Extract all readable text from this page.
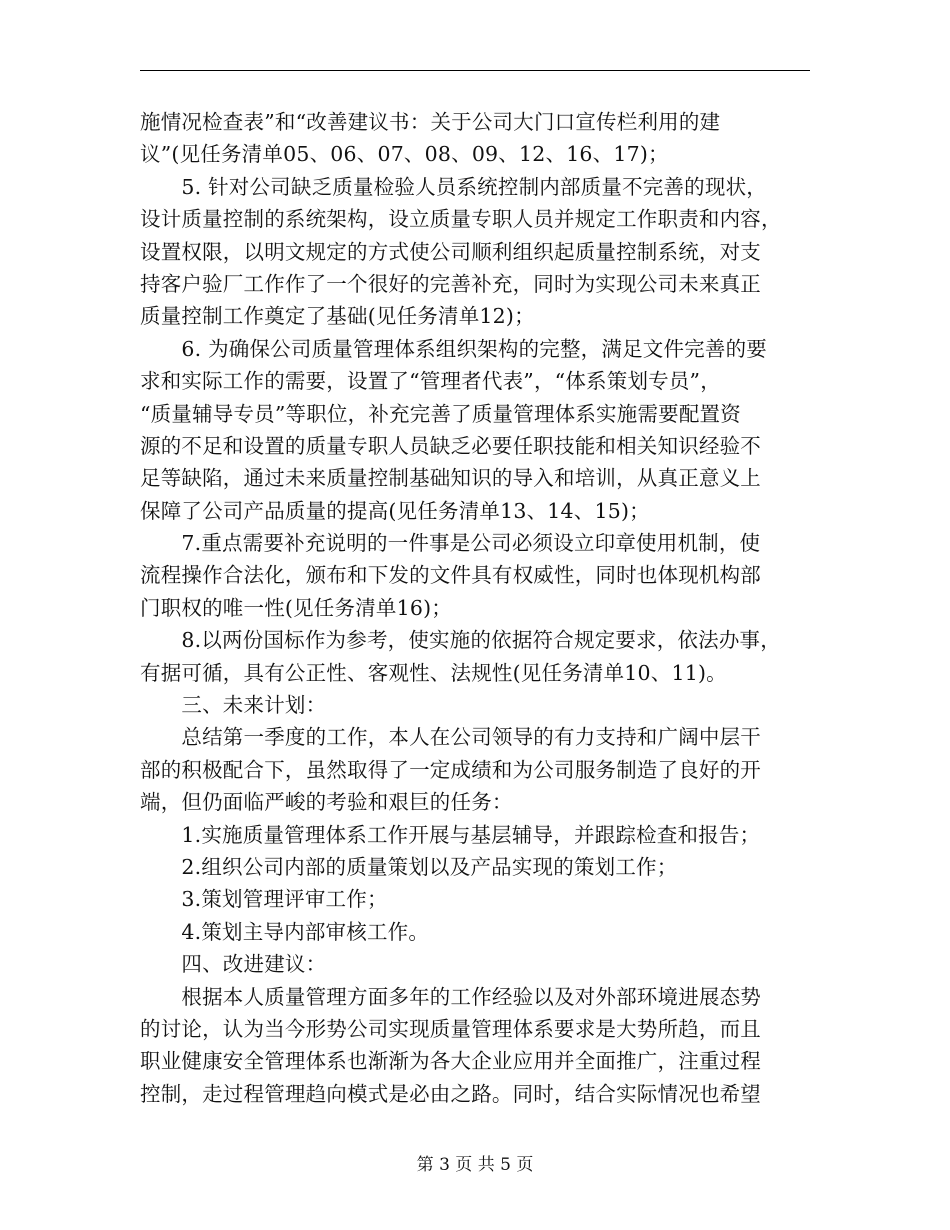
施情况检查表”和“改善建议书：关于公司大门口宣传栏利用的建
议”(见任务清单05、06、07、08、09、12、16、17)；
　　5. 针对公司缺乏质量检验人员系统控制内部质量不完善的现状，
设计质量控制的系统架构，设立质量专职人员并规定工作职责和内容，
设置权限，以明文规定的方式使公司顺利组织起质量控制系统，对支
持客户验厂工作作了一个很好的完善补充，同时为实现公司未来真正
质量控制工作奠定了基础(见任务清单12)；
　　6. 为确保公司质量管理体系组织架构的完整，满足文件完善的要
求和实际工作的需要，设置了“管理者代表”，“体系策划专员”，
“质量辅导专员”等职位，补充完善了质量管理体系实施需要配置资
源的不足和设置的质量专职人员缺乏必要任职技能和相关知识经验不
足等缺陷，通过未来质量控制基础知识的导入和培训，从真正意义上
保障了公司产品质量的提高(见任务清单13、14、15)；
　　7.重点需要补充说明的一件事是公司必须设立印章使用机制，使
流程操作合法化，颁布和下发的文件具有权威性，同时也体现机构部
门职权的唯一性(见任务清单16)；
　　8.以两份国标作为参考，使实施的依据符合规定要求，依法办事，
有据可循，具有公正性、客观性、法规性(见任务清单10、11)。
　　三、未来计划：
　　总结第一季度的工作，本人在公司领导的有力支持和广阔中层干
部的积极配合下，虽然取得了一定成绩和为公司服务制造了良好的开
端，但仍面临严峻的考验和艰巨的任务：
　　1.实施质量管理体系工作开展与基层辅导，并跟踪检查和报告；
　　2.组织公司内部的质量策划以及产品实现的策划工作；
　　3.策划管理评审工作；
　　4.策划主导内部审核工作。
　　四、改进建议：
　　根据本人质量管理方面多年的工作经验以及对外部环境进展态势
的讨论，认为当今形势公司实现质量管理体系要求是大势所趋，而且
职业健康安全管理体系也渐渐为各大企业应用并全面推广，注重过程
控制，走过程管理趋向模式是必由之路。同时，结合实际情况也希望
第 3 页 共 5 页
